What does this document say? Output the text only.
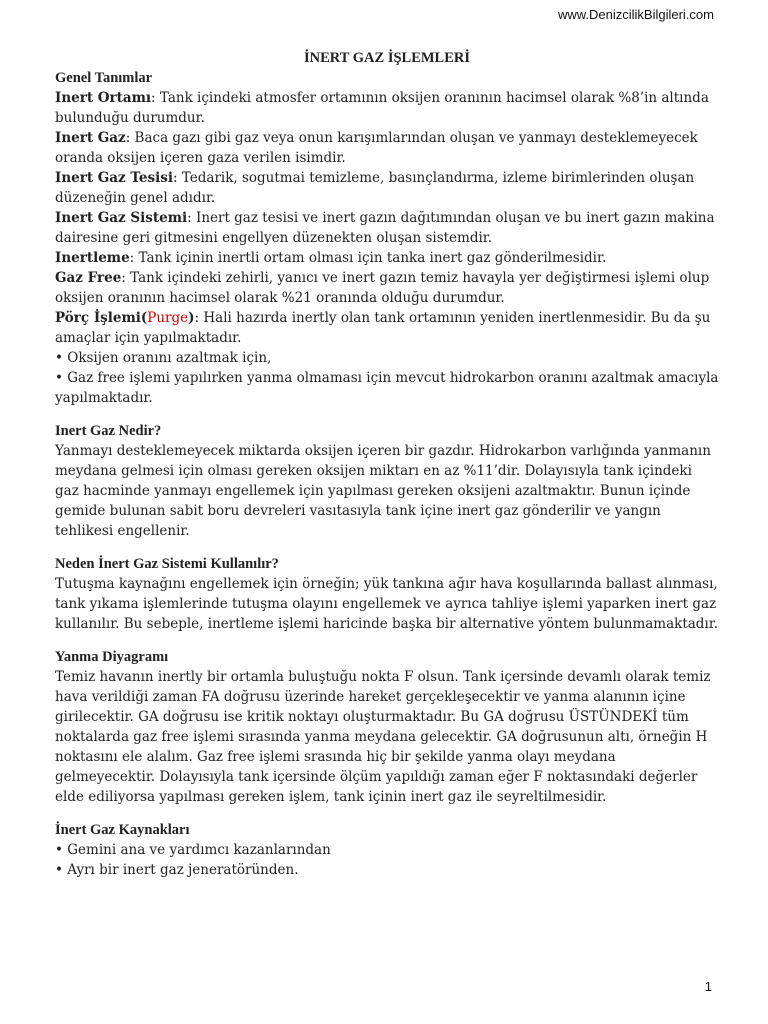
www.DenizcilikBilgileri.com

İNERT GAZ İŞLEMLERİ

Genel Tanımlar

Inert Ortamı: Tank içindeki atmosfer ortamının oksijen oranının hacimsel olarak %8’in altında bulunduğu durumdur.

Inert Gaz: Baca gazı gibi gaz veya onun karışımlarından oluşan ve yanmayı desteklemeyecek oranda oksijen içeren gaza verilen isimdir.

Inert Gaz Tesisi: Tedarik, sogutmai temizleme, basınçlandırma, izleme birimlerinden oluşan düzeneğin genel adıdır.

Inert Gaz Sistemi: Inert gaz tesisi ve inert gazın dağıtımından oluşan ve bu inert gazın makina dairesine geri gitmesini engellyen düzenekten oluşan sistemdir.

Inertleme: Tank içinin inertli ortam olması için tanka inert gaz gönderilmesidir.

Gaz Free: Tank içindeki zehirli, yanıcı ve inert gazın temiz havayla yer değiştirmesi işlemi olup oksijen oranının hacimsel olarak %21 oranında olduğu durumdur.

Pörç İşlemi(Purge): Hali hazırda inertly olan tank ortamının yeniden inertlenmesidir. Bu da şu amaçlar için yapılmaktadır.

• Oksijen oranını azaltmak için,

• Gaz free işlemi yapılırken yanma olmaması için mevcut hidrokarbon oranını azaltmak amacıyla yapılmaktadır.

Inert Gaz Nedir?

Yanmayı desteklemeyecek miktarda oksijen içeren bir gazdır. Hidrokarbon varlığında yanmanın meydana gelmesi için olması gereken oksijen miktarı en az %11’dir. Dolayısıyla tank içindeki gaz hacminde yanmayı engellemek için yapılması gereken oksijeni azaltmaktır. Bunun içinde gemide bulunan sabit boru devreleri vasıtasıyla tank içine inert gaz gönderilir ve yangın tehlikesi engellenir.

Neden İnert Gaz Sistemi Kullanılır?

Tutuşma kaynağını engellemek için örneğin; yük tankına ağır hava koşullarında ballast alınması, tank yıkama işlemlerinde tutuşma olayını engellemek ve ayrıca tahliye işlemi yaparken inert gaz kullanılır. Bu sebeple, inertleme işlemi haricinde başka bir alternative yöntem bulunmamaktadır.

Yanma Diyagramı

Temiz havanın inertly bir ortamla buluştuğu nokta F olsun. Tank içersinde devamlı olarak temiz hava verildiği zaman FA doğrusu üzerinde hareket gerçekleşecektir ve yanma alanının içine girilecektir. GA doğrusu ise kritik noktayı oluşturmaktadır. Bu GA doğrusu ÜSTÜNDEKİ tüm noktalarda gaz free işlemi sırasında yanma meydana gelecektir. GA doğrusunun altı, örneğin H noktasını ele alalım. Gaz free işlemi srasında hiç bir şekilde yanma olayı meydana gelmeyecektir. Dolayısıyla tank içersinde ölçüm yapıldığı zaman eğer F noktasındaki değerler elde ediliyorsa yapılması gereken işlem, tank içinin inert gaz ile seyreltilmesidir.

İnert Gaz Kaynakları

• Gemini ana ve yardımcı kazanlarından

• Ayrı bir inert gaz jeneratöründen.

1
